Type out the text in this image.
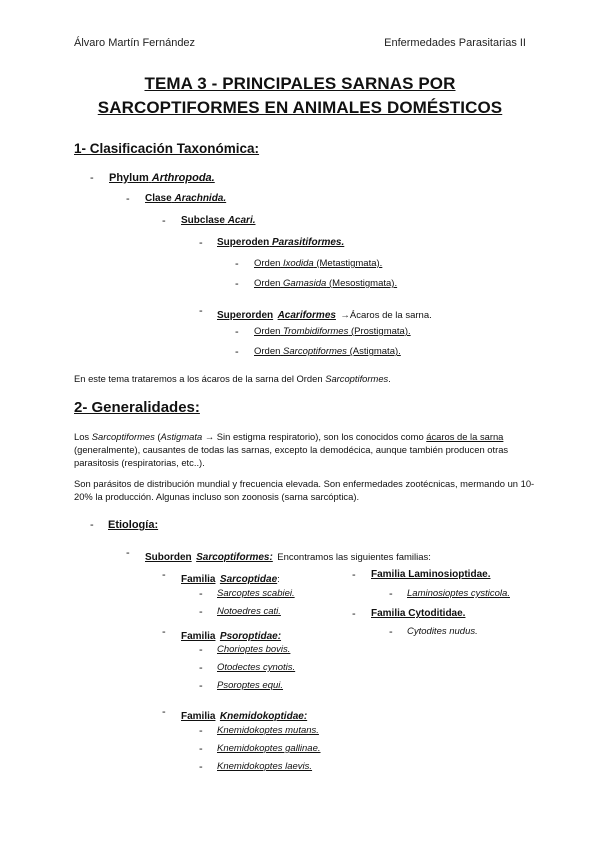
Álvaro Martín Fernández	Enfermedades Parasitarias II
TEMA 3 - PRINCIPALES SARNAS POR
SARCOPTIFORMES EN ANIMALES DOMÉSTICOS
1- Clasificación Taxonómica:
- Phylum Arthropoda.
- Clase Arachnida.
- Subclase Acari.
- Superoden Parasitiformes.
- Orden Ixodida (Metastigmata).
- Orden Gamasida (Mesostigmata).
- Superorden Acariformes →Ácaros de la sarna.
- Orden Trombidiformes (Prostigmata).
- Orden Sarcoptiformes (Astigmata).
En este tema trataremos a los ácaros de la sarna del Orden Sarcoptiformes.
2- Generalidades:
Los Sarcoptiformes (Astigmata → Sin estigma respiratorio), son los conocidos como ácaros de la sarna (generalmente), causantes de todas las sarnas, excepto la demodécica, aunque también producen otras parasitosis (respiratorias, etc..).
Son parásitos de distribución mundial y frecuencia elevada. Son enfermedades zootécnicas, mermando un 10-20% la producción. Algunas incluso son zoonosis (sarna sarcóptica).
- Etiología:
- Suborden Sarcoptiformes: Encontramos las siguientes familias:
- Familia Sarcoptidae:
- Sarcoptes scabiei.
- Notoedres cati.
- Familia Psoroptidae:
- Chorioptes bovis.
- Otodectes cynotis.
- Psoroptes equi.
- Familia Knemidokoptidae:
- Knemidokoptes mutans.
- Knemidokoptes gallinae.
- Knemidokoptes laevis.
- Familia Laminosioptidae.
- Laminosioptes cysticola.
- Familia Cytoditidae.
- Cytodites nudus.
